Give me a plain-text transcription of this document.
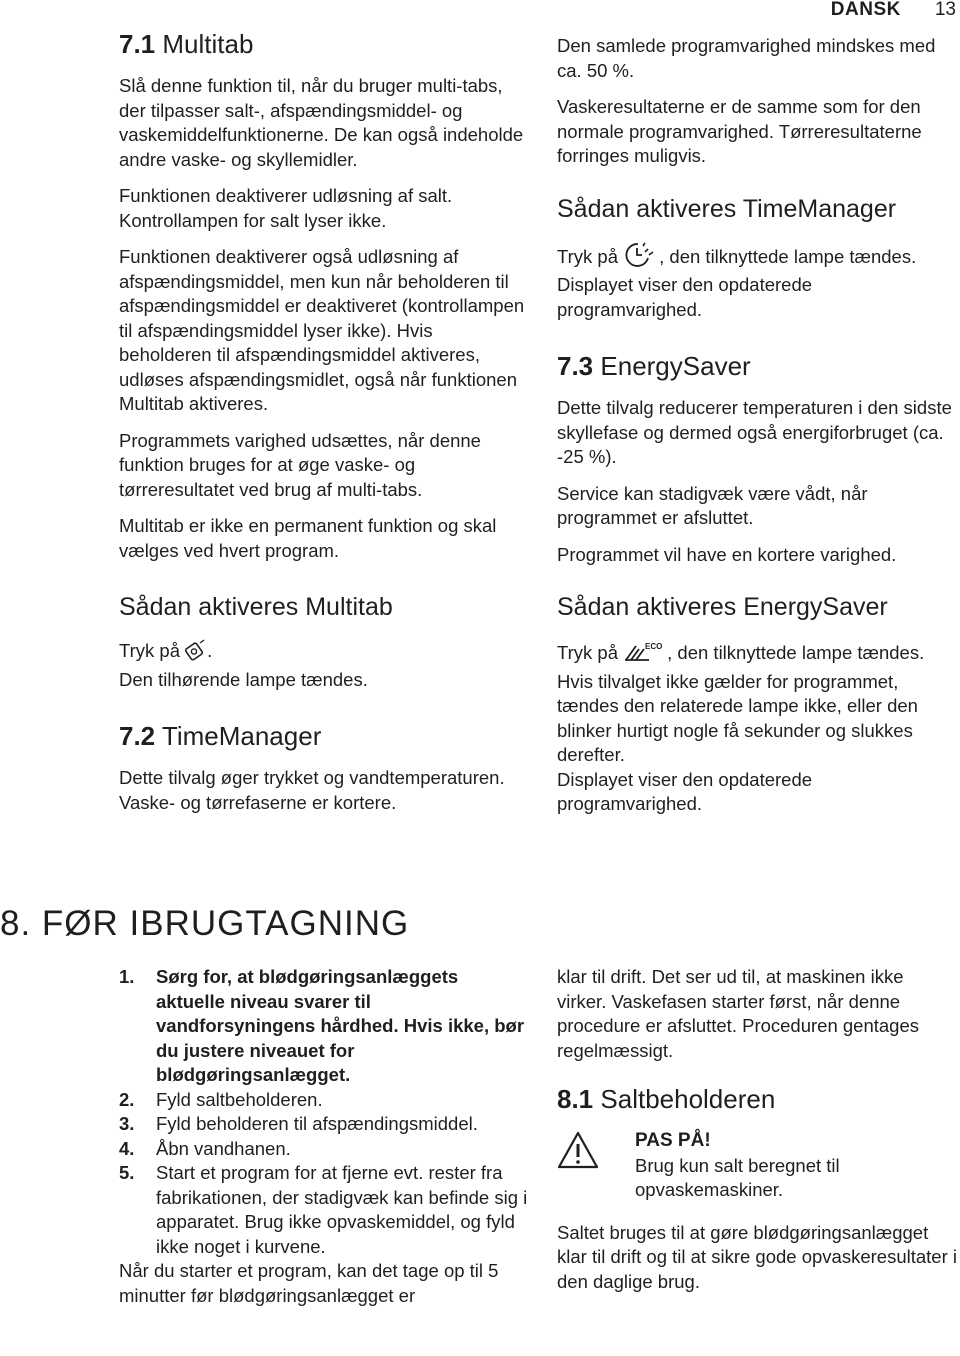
DANSK 13
7.1 Multitab

Slå denne funktion til, når du bruger multi-tabs, der tilpasser salt-, afspændingsmiddel- og vaskemiddelfunktionerne. De kan også indeholde andre vaske- og skyllemidler.

Funktionen deaktiverer udløsning af salt. Kontrollampen for salt lyser ikke.

Funktionen deaktiverer også udløsning af afspændingsmiddel, men kun når beholderen til afspændingsmiddel er deaktiveret (kontrollampen til afspændingsmiddel lyser ikke). Hvis beholderen til afspændingsmiddel aktiveres, udløses afspændingsmidlet, også når funktionen Multitab aktiveres.

Programmets varighed udsættes, når denne funktion bruges for at øge vaske- og tørreresultatet ved brug af multi-tabs.

Multitab er ikke en permanent funktion og skal vælges ved hvert program.

Sådan aktiveres Multitab

Tryk på .

Den tilhørende lampe tændes.

7.2 TimeManager

Dette tilvalg øger trykket og vandtemperaturen. Vaske- og tørrefaserne er kortere.

Den samlede programvarighed mindskes med ca. 50 %.

Vaskeresultaterne er de samme som for den normale programvarighed. Tørreresultaterne forringes muligvis.

Sådan aktiveres TimeManager

Tryk på , den tilknyttede lampe tændes.

Displayet viser den opdaterede programvarighed.

7.3 EnergySaver

Dette tilvalg reducerer temperaturen i den sidste skyllefase og dermed også energiforbruget (ca. -25 %).

Service kan stadigvæk være vådt, når programmet er afsluttet.

Programmet vil have en kortere varighed.

Sådan aktiveres EnergySaver

Tryk på	ECO , den tilknyttede lampe tændes.

Hvis tilvalget ikke gælder for programmet, tændes den relaterede lampe ikke, eller den blinker hurtigt nogle få sekunder og slukkes derefter.

Displayet viser den opdaterede programvarighed.

8. FØR IBRUGTAGNING
1.	Sørg for, at blødgøringsanlæggets aktuelle niveau svarer til vandforsyningens hårdhed. Hvis ikke, bør du justere niveauet for blødgøringsanlægget.
2.	Fyld saltbeholderen.
3.	Fyld beholderen til afspændingsmiddel.
4.	Åbn vandhanen.
5.	Start et program for at fjerne evt. rester fra fabrikationen, der stadigvæk kan befinde sig i apparatet. Brug ikke opvaskemiddel, og fyld ikke noget i kurvene.

Når du starter et program, kan det tage op til 5 minutter før blødgøringsanlægget er

klar til drift. Det ser ud til, at maskinen ikke virker. Vaskefasen starter først, når denne procedure er afsluttet. Proceduren gentages regelmæssigt.

8.1 Saltbeholderen
PAS PÅ!

Brug kun salt beregnet til opvaskemaskiner.

Saltet bruges til at gøre blødgøringsanlægget klar til drift og til at sikre gode opvaskeresultater i den daglige brug.
